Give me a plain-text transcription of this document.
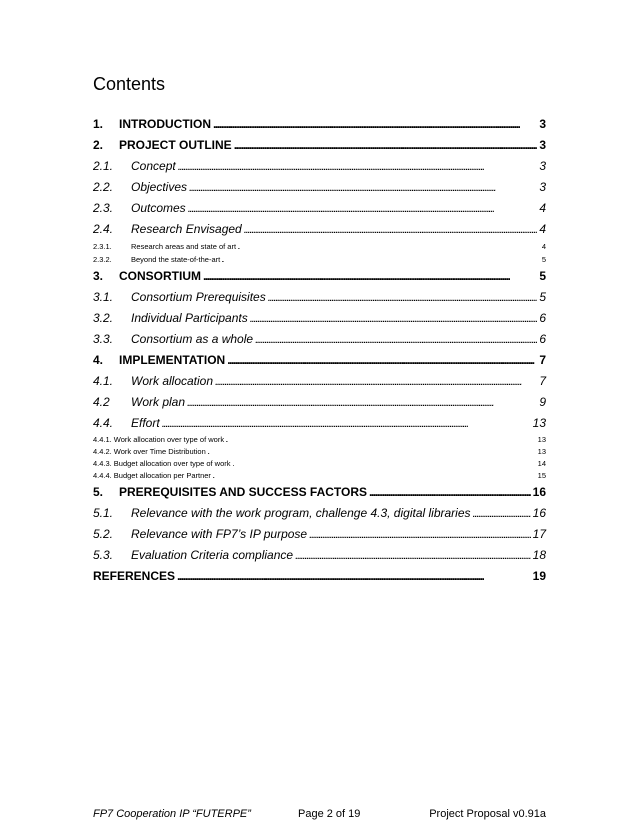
Contents
1.	INTRODUCTION . . .	3
2.	PROJECT OUTLINE . . .	3
2.1.	Concept . . .	3
2.2.	Objectives . . .	3
2.3.	Outcomes . . .	4
2.4.	Research Envisaged . . .	4
2.3.1.	Research areas and state of art . . .	4
2.3.2.	Beyond the state-of-the-art . . .	5
3.	CONSORTIUM . . .	5
3.1.	Consortium Prerequisites . . .	5
3.2.	Individual Participants . . .	6
3.3.	Consortium as a whole . . .	6
4.	IMPLEMENTATION . . .	7
4.1.	Work allocation . . .	7
4.2	Work plan . . .	9
4.4.	Effort . . .	13
4.4.1. Work allocation over type of work . . .	13
4.4.2. Work over Time Distribution . . .	13
4.4.3. Budget allocation over type of work . . .	14
4.4.4. Budget allocation per Partner . . .	15
5.	PREREQUISITES AND SUCCESS FACTORS . . .	16
5.1.	Relevance with the work program, challenge 4.3, digital libraries . . .	16
5.2.	Relevance with FP7’s IP purpose . . .	17
5.3.	Evaluation Criteria compliance . . .	18
REFERENCES . . .	19
FP7 Cooperation IP “FUTERPE”	Page 2 of 19	Project Proposal v0.91a
